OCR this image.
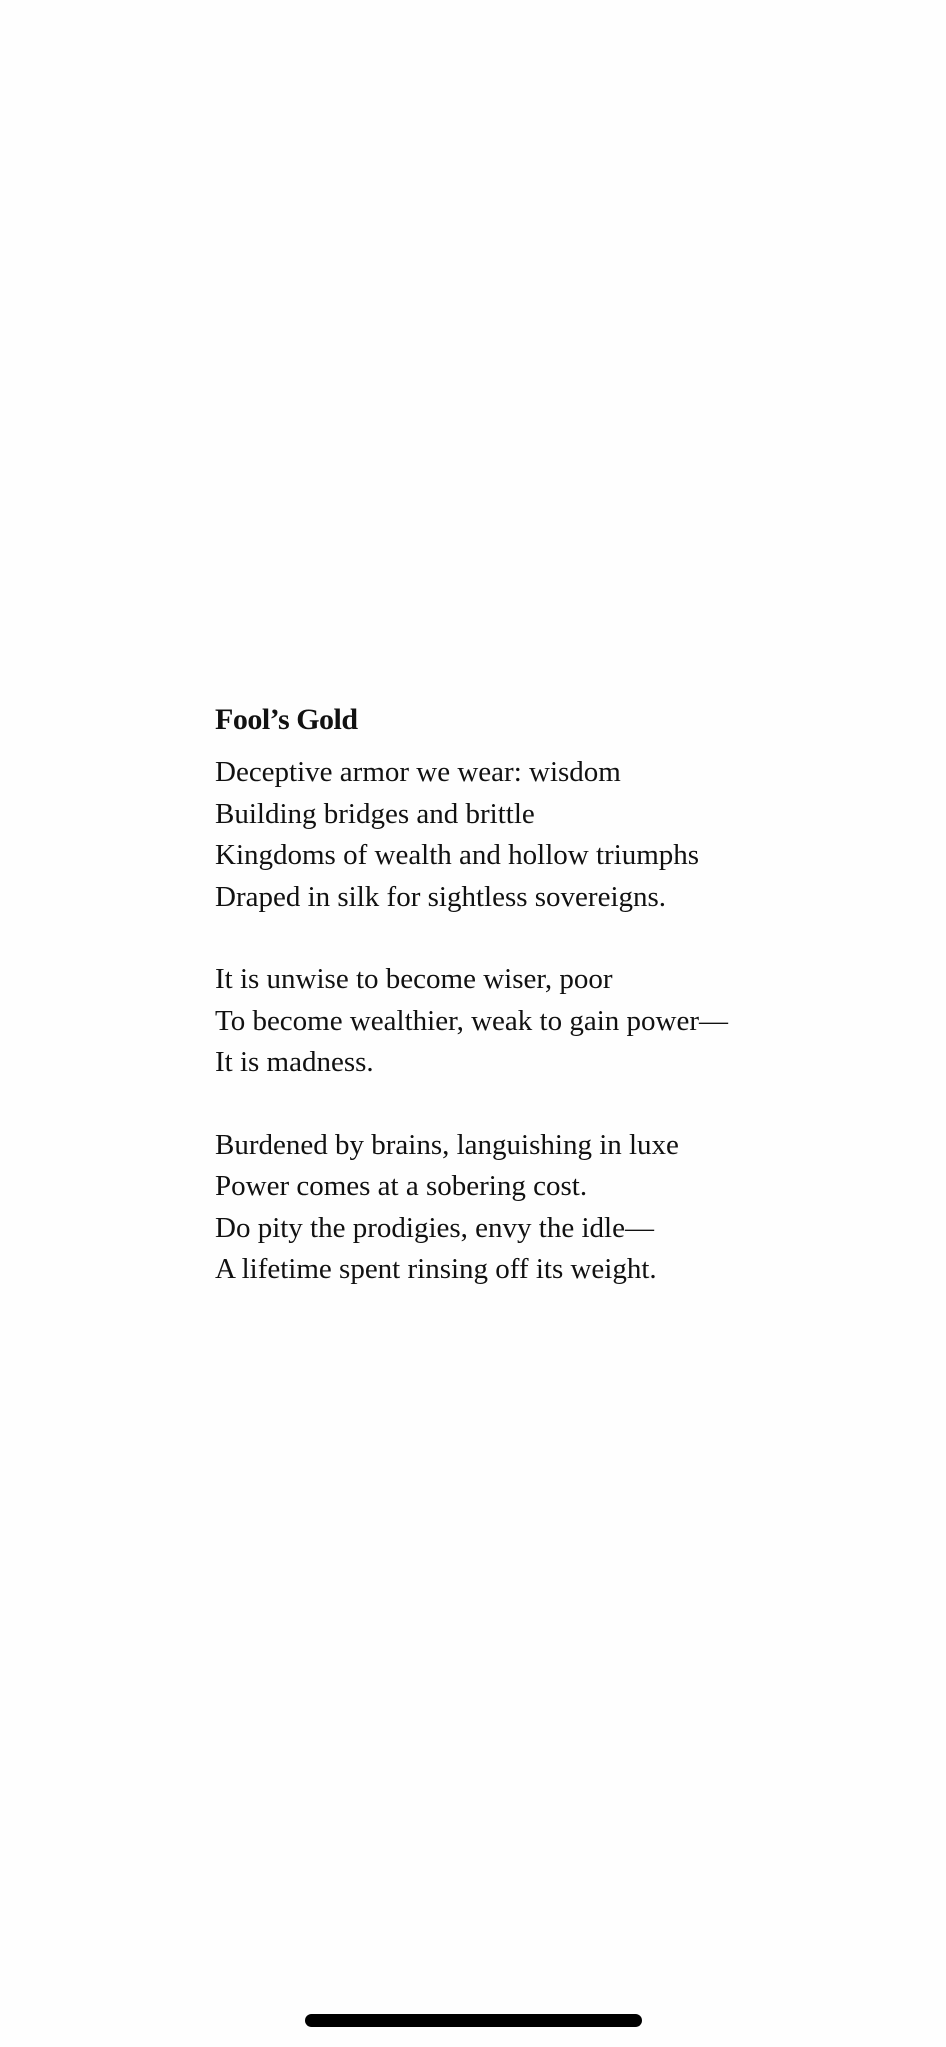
Fool’s Gold
Deceptive armor we wear: wisdom
Building bridges and brittle
Kingdoms of wealth and hollow triumphs
Draped in silk for sightless sovereigns.
It is unwise to become wiser, poor
To become wealthier, weak to gain power—
It is madness.
Burdened by brains, languishing in luxe
Power comes at a sobering cost.
Do pity the prodigies, envy the idle—
A lifetime spent rinsing off its weight.
